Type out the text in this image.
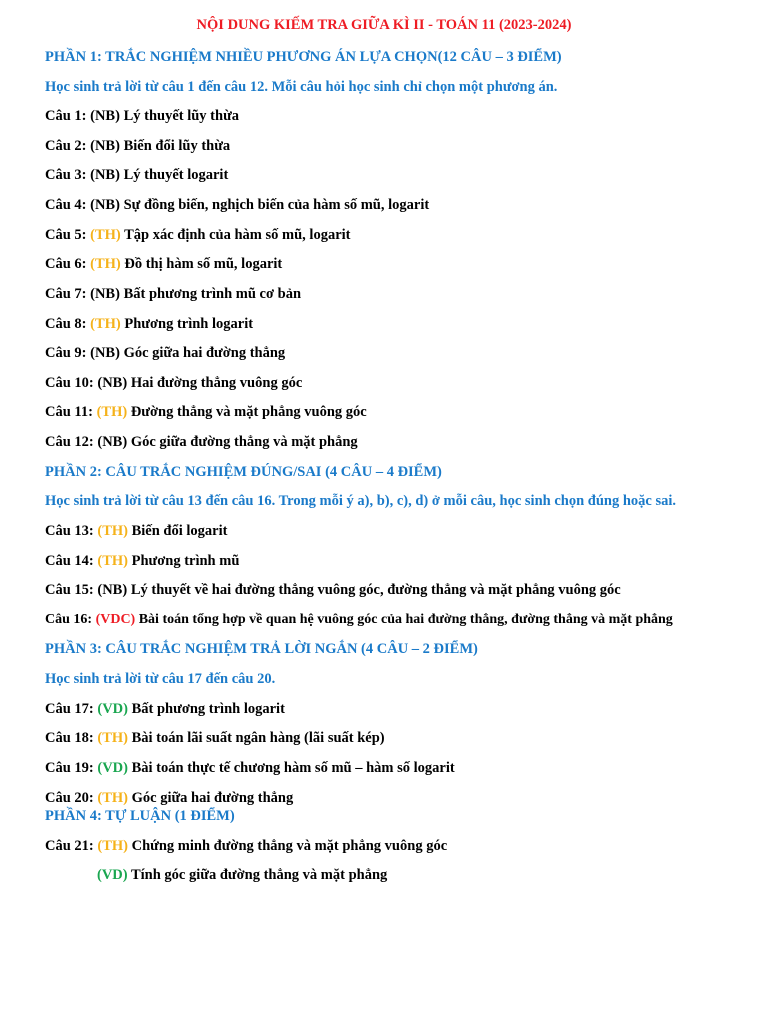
NỘI DUNG KIẾM TRA GIỮA KÌ II - TOÁN 11 (2023-2024)
PHẦN 1: TRẮC NGHIỆM NHIỀU PHƯƠNG ÁN LỰA CHỌN(12 CÂU – 3 ĐIỂM)
Học sinh trả lời từ câu 1 đến câu 12. Mỗi câu hỏi học sinh chỉ chọn một phương án.
Câu 1: (NB) Lý thuyết lũy thừa
Câu 2: (NB) Biến đổi lũy thừa
Câu 3: (NB) Lý thuyết logarit
Câu 4: (NB) Sự đồng biến, nghịch biến của hàm số mũ, logarit
Câu 5: (TH) Tập xác định của hàm số mũ, logarit
Câu 6: (TH) Đồ thị hàm số mũ, logarit
Câu 7: (NB) Bất phương trình mũ cơ bản
Câu 8: (TH) Phương trình logarit
Câu 9: (NB) Góc giữa hai đường thẳng
Câu 10: (NB) Hai đường thẳng vuông góc
Câu 11: (TH) Đường thẳng và mặt phẳng vuông góc
Câu 12: (NB) Góc giữa đường thẳng và mặt phẳng
PHẦN 2: CÂU TRẮC NGHIỆM ĐÚNG/SAI (4 CÂU – 4 ĐIỂM)
Học sinh trả lời từ câu 13 đến câu 16. Trong mỗi ý a), b), c), d) ở mỗi câu, học sinh chọn đúng hoặc sai.
Câu 13: (TH) Biến đổi logarit
Câu 14: (TH) Phương trình mũ
Câu 15: (NB) Lý thuyết về hai đường thẳng vuông góc, đường thẳng và mặt phẳng vuông góc
Câu 16: (VDC) Bài toán tổng hợp về quan hệ vuông góc của hai đường thẳng, đường thẳng và mặt phẳng
PHẦN 3: CÂU TRẮC NGHIỆM TRẢ LỜI NGẮN (4 CÂU – 2 ĐIỂM)
Học sinh trả lời từ câu 17 đến câu 20.
Câu 17: (VD) Bất phương trình logarit
Câu 18: (TH) Bài toán lãi suất ngân hàng (lãi suất kép)
Câu 19: (VD) Bài toán thực tế chương hàm số mũ – hàm số logarit
Câu 20: (TH) Góc giữa hai đường thẳng
PHẦN 4: TỰ LUẬN (1 ĐIỂM)
Câu 21: (TH) Chứng minh đường thẳng và mặt phẳng vuông góc
(VD) Tính góc giữa đường thẳng và mặt phẳng
